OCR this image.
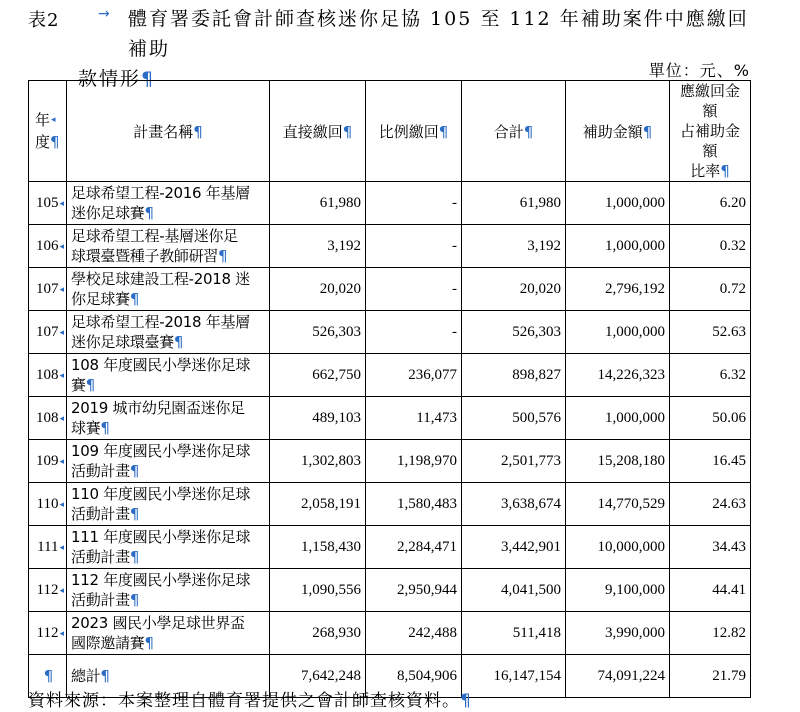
表2	→ 體育署委託會計師查核迷你足協 105 至 112 年補助案件中應繳回補助
款情形¶	單位：元、%
年◂
度¶	計畫名稱¶	直接繳回¶	比例繳回¶	合計¶	補助金額¶	應繳回金額
占補助金額
比率¶
105◂	足球希望工程-2016 年基層
迷你足球賽¶	61,980	-	61,980	1,000,000	6.20
106◂	足球希望工程-基層迷你足
球環臺暨種子教師研習¶	3,192	-	3,192	1,000,000	0.32
107◂	學校足球建設工程-2018 迷
你足球賽¶	20,020	-	20,020	2,796,192	0.72
107◂	足球希望工程-2018 年基層
迷你足球環臺賽¶	526,303	-	526,303	1,000,000	52.63
108◂	108 年度國民小學迷你足球
賽¶	662,750	236,077	898,827	14,226,323	6.32
108◂	2019 城市幼兒園盃迷你足
球賽¶	489,103	11,473	500,576	1,000,000	50.06
109◂	109 年度國民小學迷你足球
活動計畫¶	1,302,803	1,198,970	2,501,773	15,208,180	16.45
110◂	110 年度國民小學迷你足球
活動計畫¶	2,058,191	1,580,483	3,638,674	14,770,529	24.63
111◂	111 年度國民小學迷你足球
活動計畫¶	1,158,430	2,284,471	3,442,901	10,000,000	34.43
112◂	112 年度國民小學迷你足球
活動計畫¶	1,090,556	2,950,944	4,041,500	9,100,000	44.41
112◂	2023 國民小學足球世界盃
國際邀請賽¶	268,930	242,488	511,418	3,990,000	12.82
¶	總計¶	7,642,248	8,504,906	16,147,154	74,091,224	21.79
資料來源：本案整理自體育署提供之會計師查核資料。¶
